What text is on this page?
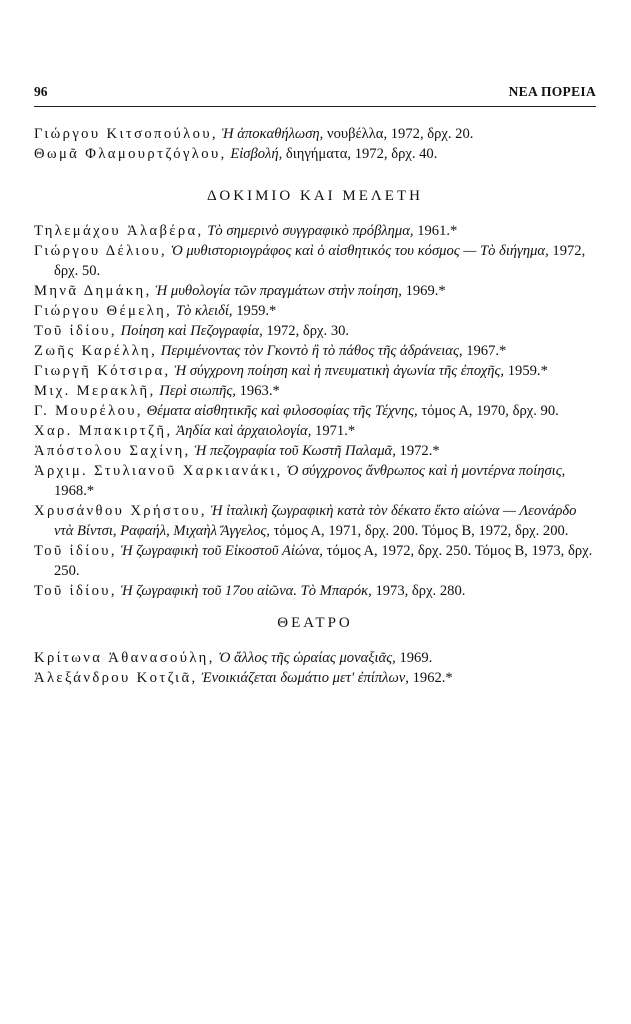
96	ΝΕΑ ΠΟΡΕΙΑ
Γιώργου Κιτσοπούλου, Ἡ ἀποκαθήλωση, νουβέλλα, 1972, δρχ. 20.
Θωμᾶ Φλαμουρτζόγλου, Εἰσβολή, διηγήματα, 1972, δρχ. 40.
ΔΟΚΙΜΙΟ ΚΑΙ ΜΕΛΕΤΗ
Τηλεμάχου Ἀλαβέρα, Τὸ σημερινὸ συγγραφικὸ πρόβλημα, 1961.*
Γιώργου Δέλιου, Ὁ μυθιστοριογράφος καὶ ὁ αἰσθητικός του κόσμος — Τὸ διήγημα, 1972, δρχ. 50.
Μηνᾶ Δημάκη, Ἡ μυθολογία τῶν πραγμάτων στὴν ποίηση, 1969.*
Γιώργου Θέμελη, Τὸ κλειδί, 1959.*
Τοῦ ἰδίου, Ποίηση καὶ Πεζογραφία, 1972, δρχ. 30.
Ζωῆς Καρέλλη, Περιμένοντας τὸν Γκοντὸ ἢ τὸ πάθος τῆς ἀδράνειας, 1967.*
Γιωργῆ Κότσιρα, Ἡ σύγχρονη ποίηση καὶ ἡ πνευματικὴ ἀγωνία τῆς ἐποχῆς, 1959.*
Μιχ. Μερακλῆ, Περὶ σιωπῆς, 1963.*
Γ. Μουρέλου, Θέματα αἰσθητικῆς καὶ φιλοσοφίας τῆς Τέχνης, τόμος Α, 1970, δρχ. 90.
Χαρ. Μπακιρτζῆ, Ἀηδία καὶ ἀρχαιολογία, 1971.*
Ἀπόστολου Σαχίνη, Ἡ πεζογραφία τοῦ Κωστῆ Παλαμᾶ, 1972.*
Ἀρχιμ. Στυλιανοῦ Χαρκιανάκι, Ὁ σύγχρονος ἄνθρωπος καὶ ἡ μοντέρνα ποίησις, 1968.*
Χρυσάνθου Χρήστου, Ἡ ἰταλικὴ ζωγραφικὴ κατὰ τὸν δέκατο ἕκτο αἰώνα — Λεονάρδο ντὰ Βίντσι, Ραφαήλ, Μιχαὴλ Ἄγγελος, τόμος Α, 1971, δρχ. 200. Τόμος Β, 1972, δρχ. 200.
Τοῦ ἰδίου, Ἡ ζωγραφικὴ τοῦ Εἰκοστοῦ Αἰώνα, τόμος Α, 1972, δρχ. 250. Τόμος Β, 1973, δρχ. 250.
Τοῦ ἰδίου, Ἡ ζωγραφικὴ τοῦ 17ου αἰῶνα. Τὸ Μπαρόκ, 1973, δρχ. 280.
ΘΕΑΤΡΟ
Κρίτωνα Ἀθανασούλη, Ὁ ἄλλος τῆς ὡραίας μοναξιᾶς, 1969.
Ἀλεξάνδρου Κοτζιᾶ, Ἐνοικιάζεται δωμάτιο μετ' ἐπίπλων, 1962.*
